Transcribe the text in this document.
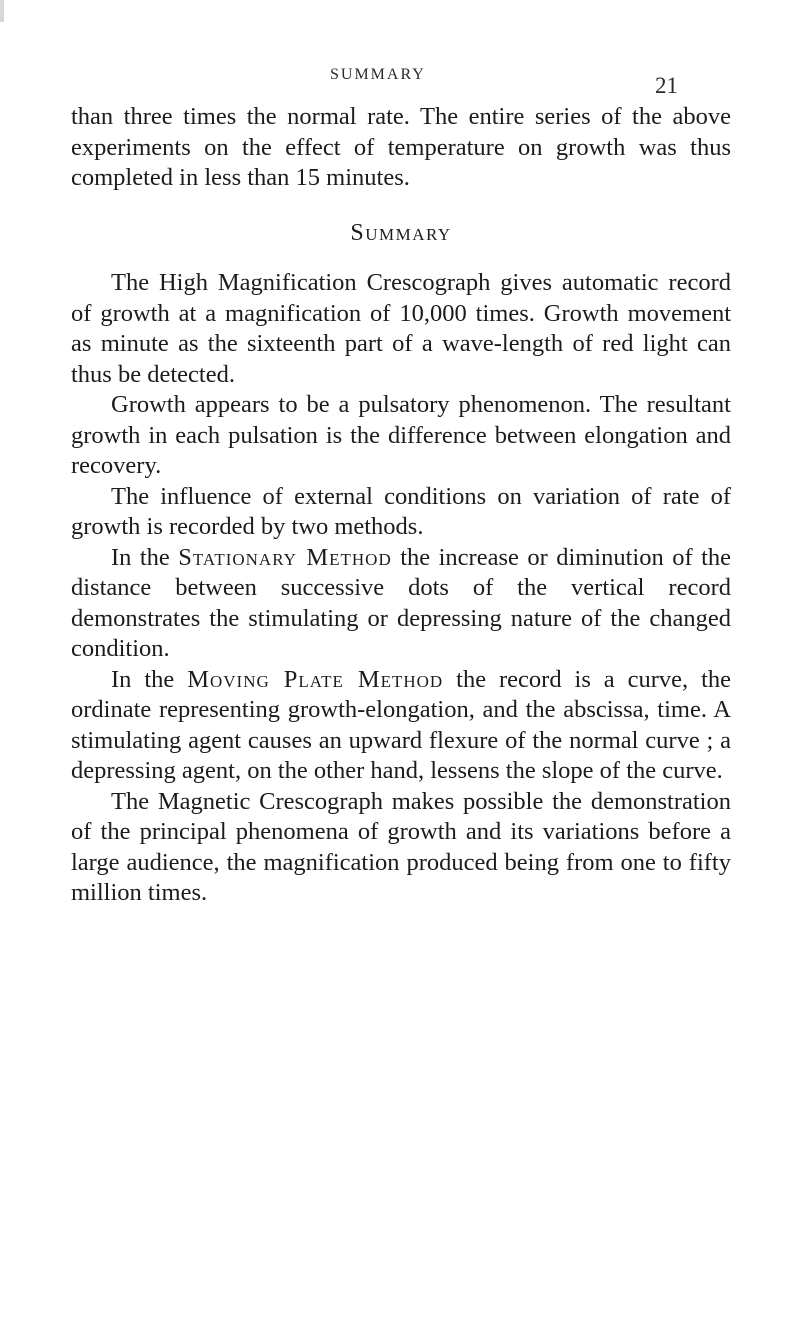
SUMMARY	21

than three times the normal rate. The entire series of the above experiments on the effect of temperature on growth was thus completed in less than 15 minutes.

Summary

The High Magnification Crescograph gives automatic record of growth at a magnification of 10,000 times. Growth movement as minute as the sixteenth part of a wave-length of red light can thus be detected.

Growth appears to be a pulsatory phenomenon. The resultant growth in each pulsation is the difference between elongation and recovery.

The influence of external conditions on variation of rate of growth is recorded by two methods.

In the Stationary Method the increase or diminution of the distance between successive dots of the vertical record demonstrates the stimulating or depressing nature of the changed condition.

In the Moving Plate Method the record is a curve, the ordinate representing growth-elongation, and the abscissa, time. A stimulating agent causes an upward flexure of the normal curve ; a depressing agent, on the other hand, lessens the slope of the curve.

The Magnetic Crescograph makes possible the demonstration of the principal phenomena of growth and its variations before a large audience, the magnification produced being from one to fifty million times.
